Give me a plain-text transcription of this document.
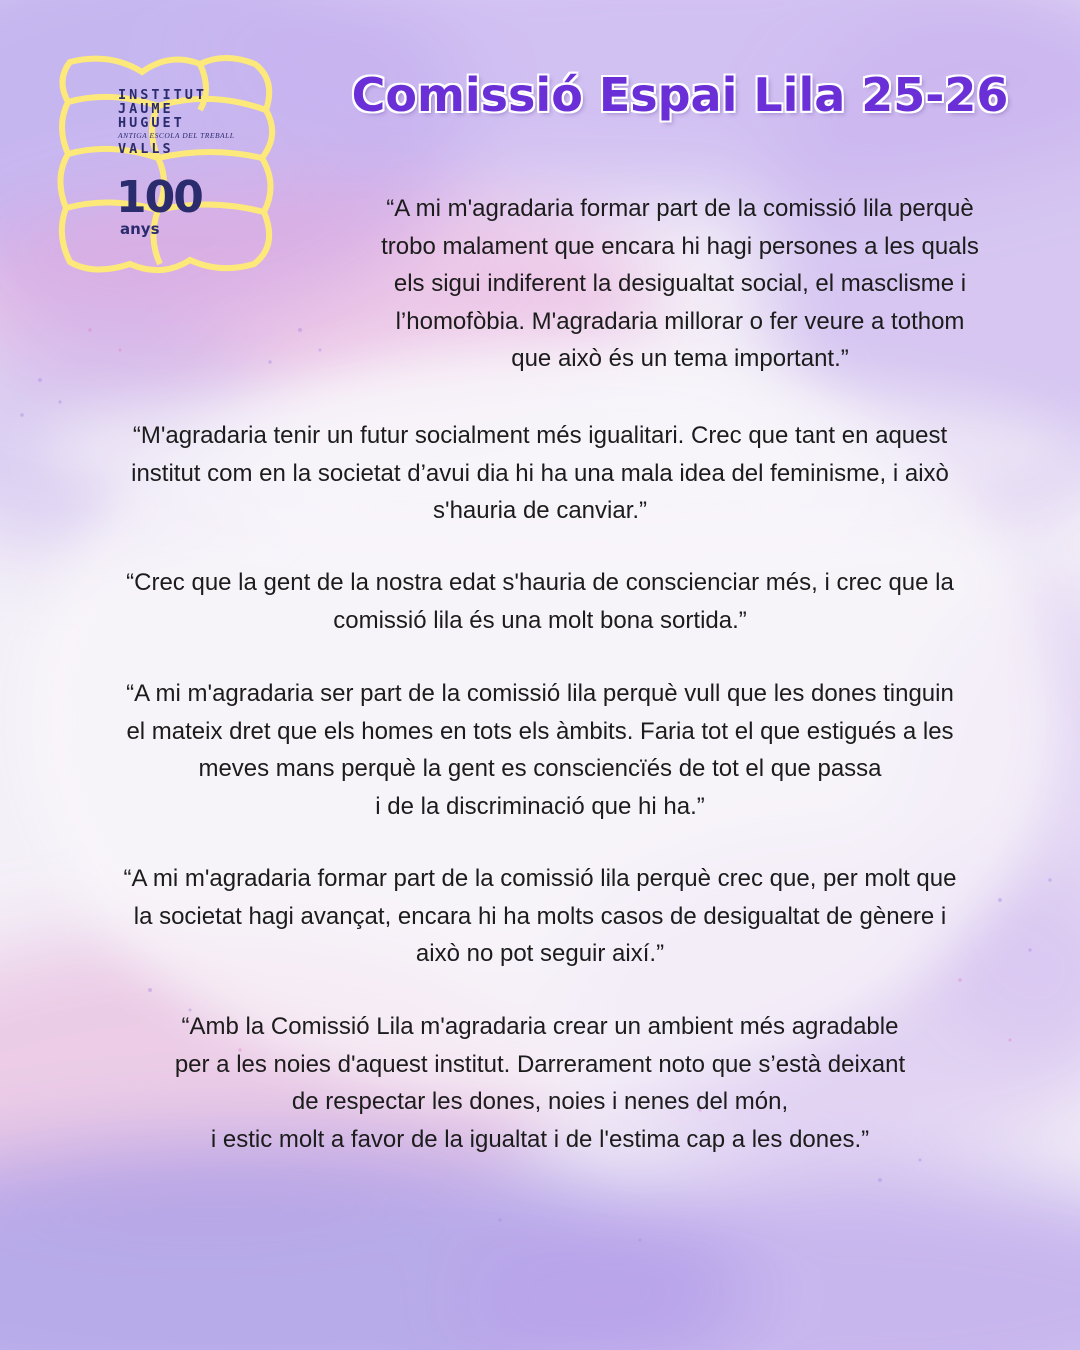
INSTITUT
JAUME
HUGUET
ANTIGA ESCOLA DEL TREBALL
VALLS
100
anys
Comissió Espai Lila 25-26
“A mi m'agradaria formar part de la comissió lila perquè
trobo malament que encara hi hagi persones a les quals
els sigui indiferent la desigualtat social, el masclisme i
l’homofòbia. M'agradaria millorar o fer veure a tothom
que això és un tema important.”
“M'agradaria tenir un futur socialment més igualitari. Crec que tant en aquest
institut com en la societat d’avui dia hi ha una mala idea del feminisme, i això
s'hauria de canviar.”
“Crec que la gent de la nostra edat s'hauria de conscienciar més, i crec que la
comissió lila és una molt bona sortida.”
“A mi m'agradaria ser part de la comissió lila perquè vull que les dones tinguin
el mateix dret que els homes en tots els àmbits. Faria tot el que estigués a les
meves mans perquè la gent es consciencïés de tot el que passa
i de la discriminació que hi ha.”
“A mi m'agradaria formar part de la comissió lila perquè crec que, per molt que
la societat hagi avançat, encara hi ha molts casos de desigualtat de gènere i
això no pot seguir així.”
“Amb la Comissió Lila m'agradaria crear un ambient més agradable
per a les noies d'aquest institut. Darrerament noto que s’està deixant
de respectar les dones, noies i nenes del món,
i estic molt a favor de la igualtat i de l'estima cap a les dones.”
